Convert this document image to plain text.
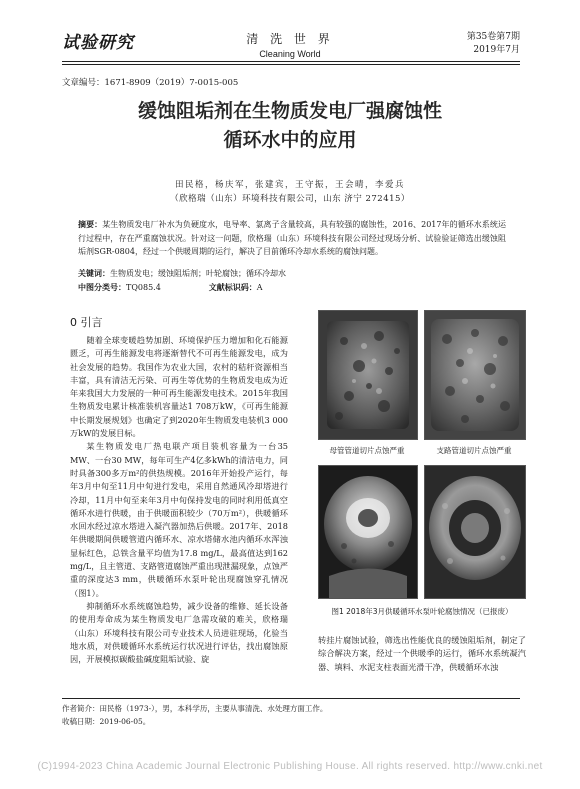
试验研究	清 洗 世 界
Cleaning World
第35卷第7期
2019年7月
文章编号：1671-8909（2019）7-0015-005
缓蚀阻垢剂在生物质发电厂强腐蚀性
循环水中的应用
田民格，杨庆军，张建宾，王守振，王会晴，李爱兵
（欣格瑞（山东）环境科技有限公司，山东 济宁 272415）
摘要：某生物质发电厂补水为负硬度水，电导率、氯离子含量较高，具有较强的腐蚀性，2016、2017年的循环水系统运行过程中，存在严重腐蚀状况。针对这一问题，欣格瑞（山东）环境科技有限公司经过现场分析、试验验证筛选出缓蚀阻垢剂SGR-0804，经过一个供暖周期的运行，解决了目前循环冷却水系统的腐蚀问题。
关键词：生物质发电；缓蚀阻垢剂；叶轮腐蚀；循环冷却水
中图分类号：TQ085.4	文献标识码：A
0 引言

随着全球变暖趋势加剧、环境保护压力增加和化石能源匮乏，可再生能源发电将逐渐替代不可再生能源发电，成为社会发展的趋势。我国作为农业大国，农村的秸秆资源相当丰富，具有清洁无污染、可再生等优势的生物质发电成为近年来我国大力发展的一种可再生能源发电技术。2015年我国生物质发电累计核准装机容量达1 708万kW，《可再生能源中长期发展规划》也确定了到2020年生物质发电装机3 000万kW的发展目标。

某生物质发电厂热电联产项目装机容量为一台35 MW、一台30 MW，每年可生产4亿多kWh的清洁电力，同时具备300多万m²的供热规模。2016年开始投产运行，每年3月中旬至11月中旬进行发电，采用自然通风冷却塔进行冷却，11月中旬至来年3月中旬保持发电的同时利用低真空循环水进行供暖，由于供暖面积较少（70万m²），供暖循环水回水经过凉水塔进入凝汽器加热后供暖。2017年、2018年供暖期间供暖管道内循环水、凉水塔储水池内循环水浑浊显标红色，总铁含量平均值为17.8 mg/L，最高值达到162 mg/L，且主管道、支路管道腐蚀严重出现泄漏现象，点蚀严重的深度达3 mm，供暖循环水泵叶轮出现腐蚀穿孔情况（图1）。

抑制循环水系统腐蚀趋势，减少设备的维修、延长设备的使用寿命成为某生物质发电厂急需攻破的难关，欣格瑞（山东）环境科技有限公司专业技术人员进驻现场，化验当地水质，对供暖循环水系统运行状况进行评估，找出腐蚀原因，开展模拟碳酸盐碱度阻垢试验、旋

母管管道切片点蚀严重	支路管道切片点蚀严重
图1 2018年3月供暖循环水泵叶轮腐蚀情况（已报废）

转挂片腐蚀试验，筛选出性能优良的缓蚀阻垢剂，制定了综合解决方案，经过一个供暖季的运行，循环水系统凝汽器、填料、水泥支柱表面光滑干净，供暖循环水浊

作者简介：田民格（1973-），男，本科学历，主要从事清洗、水处理方面工作。
收稿日期：2019-06-05。
(C)1994-2023 China Academic Journal Electronic Publishing House. All rights reserved. http://www.cnki.net
